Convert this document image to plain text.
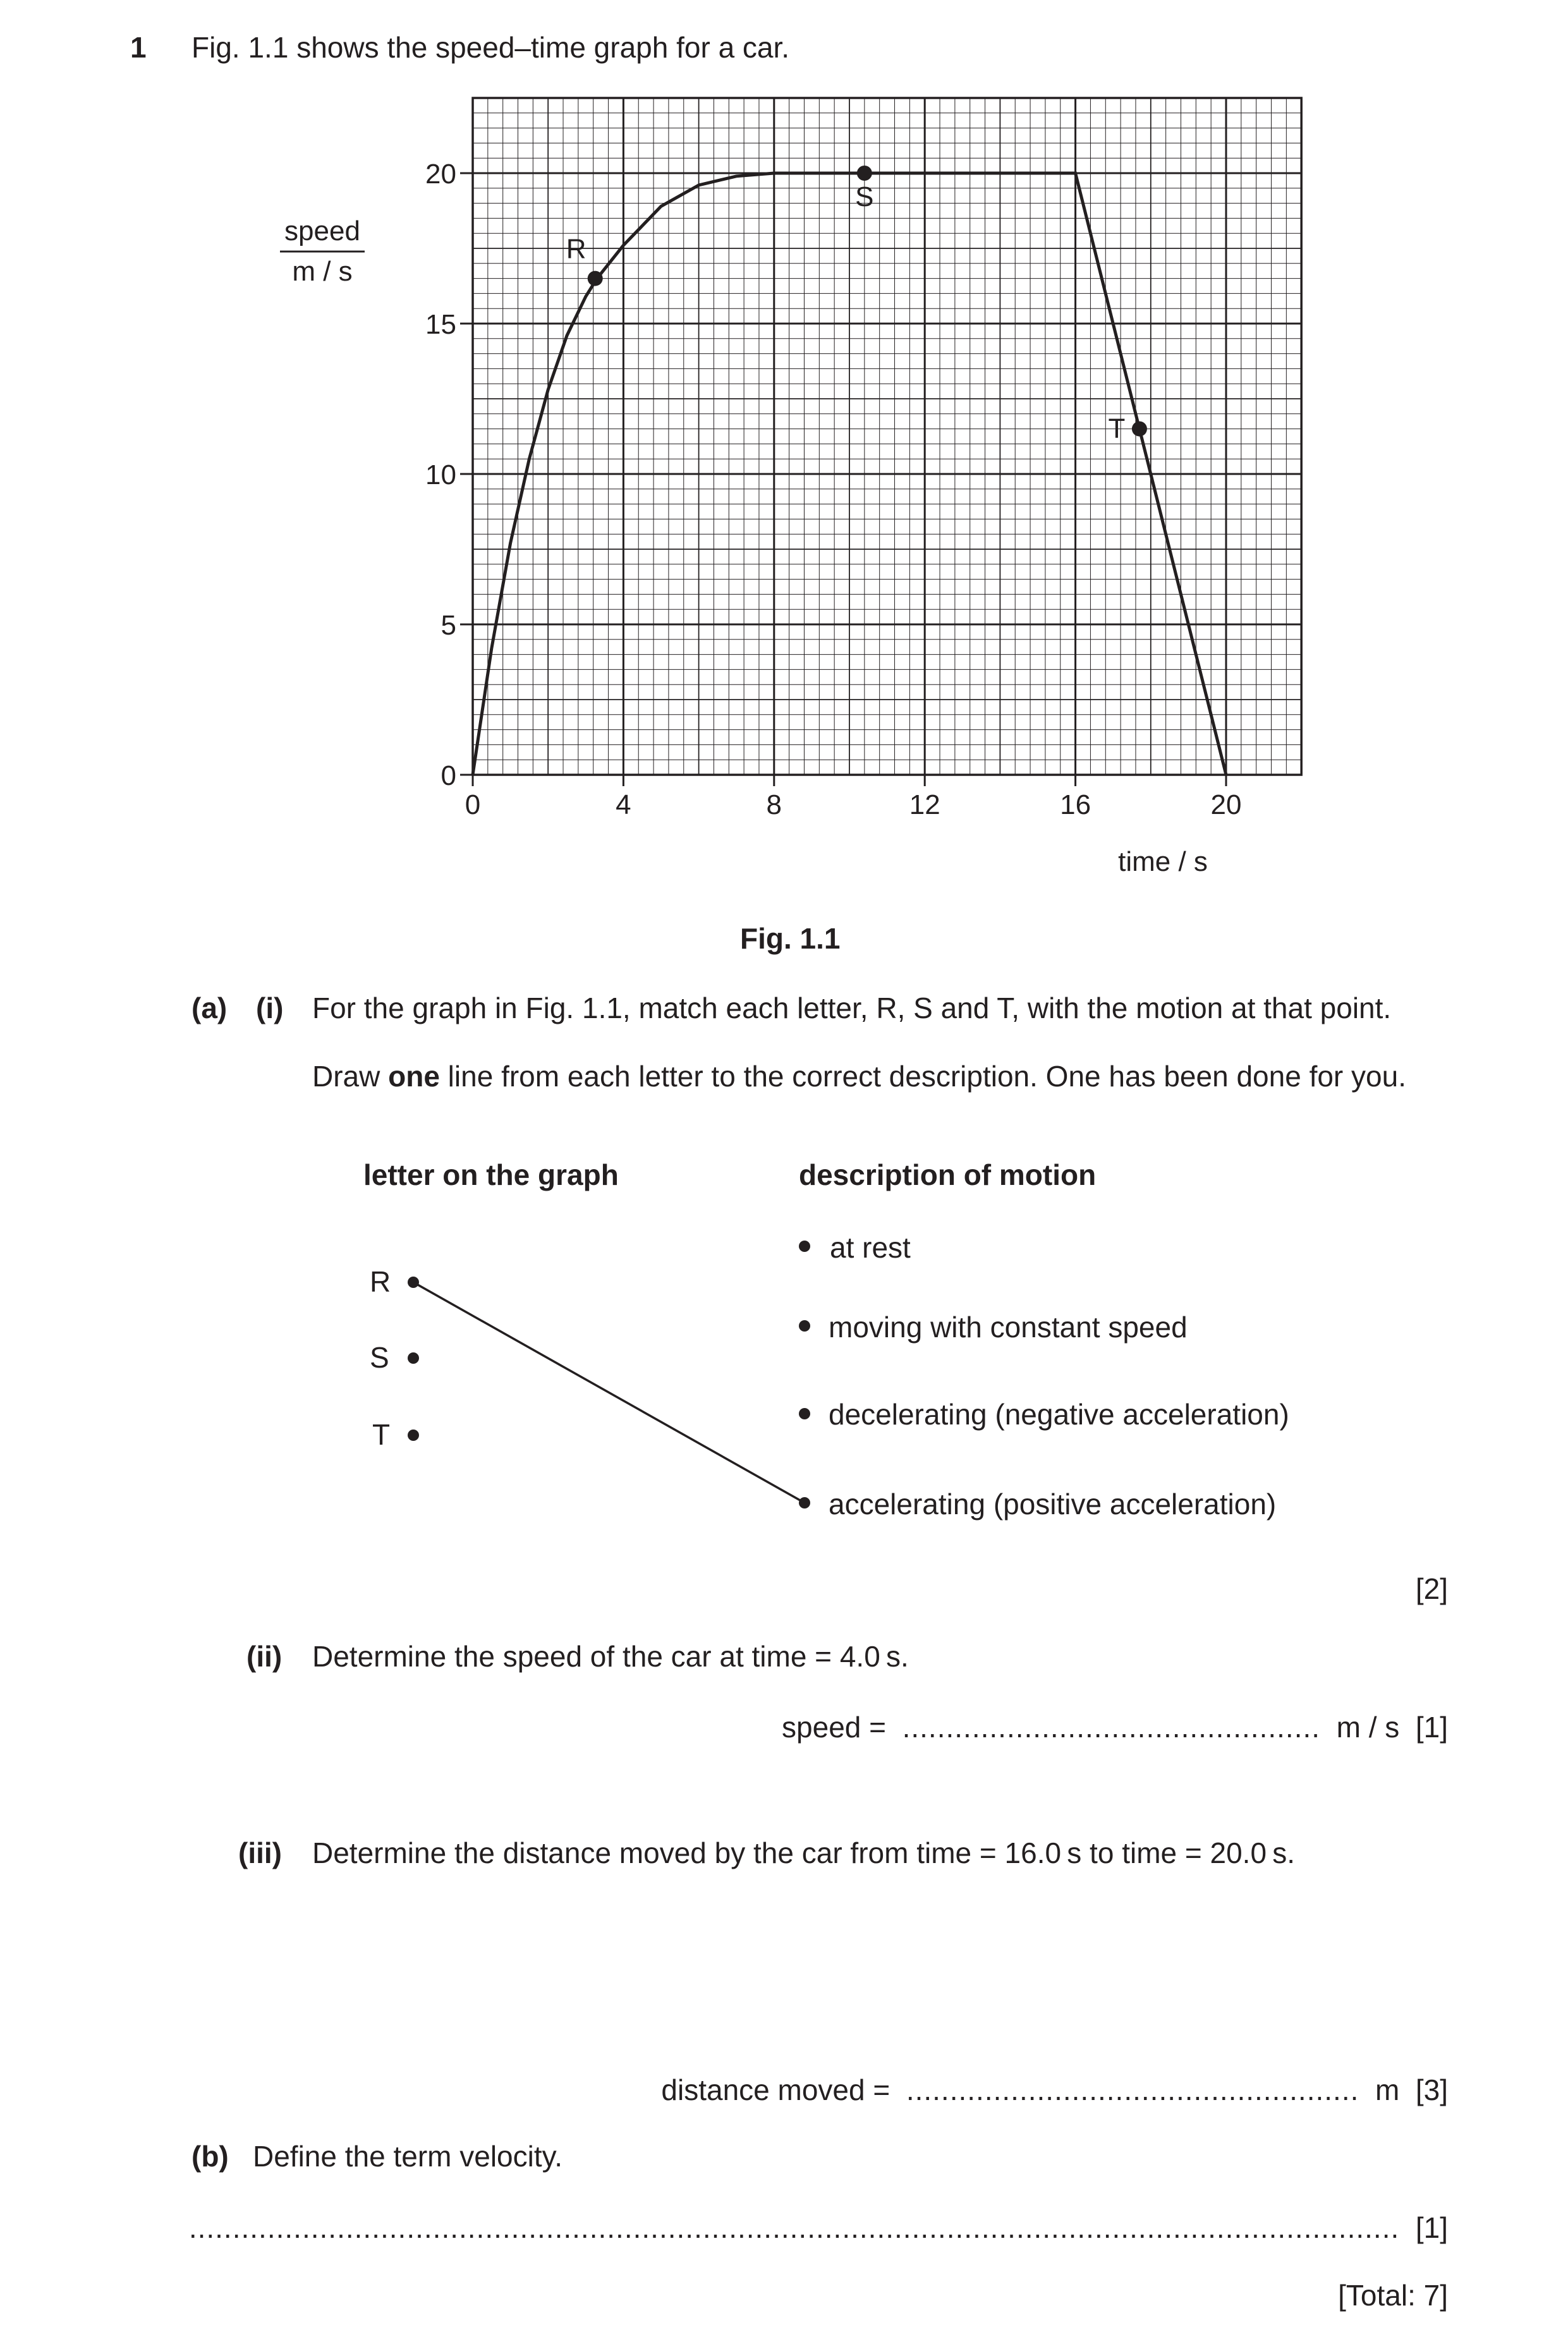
1 Fig. 1.1 shows the speed–time graph for a car.
0	4	8	12	16	20
0
5
10
15
20
R
S
T
speed
m / s
time / s
Fig. 1.1
(a) (i) For the graph in Fig. 1.1, match each letter, R, S and T, with the motion at that point.
Draw one line from each letter to the correct description. One has been done for you.
letter on the graph	description of motion
R
S
T
at rest
moving with constant speed
decelerating (negative acceleration)
accelerating (positive acceleration)
[2]
(ii) Determine the speed of the car at time = 4.0 s.
speed = ................................................ m / s [1]
(iii) Determine the distance moved by the car from time = 16.0 s to time = 20.0 s.
distance moved = .................................................... m [3]
(b) Define the term velocity.
........................................................................................................................................... [1]
[Total: 7]
